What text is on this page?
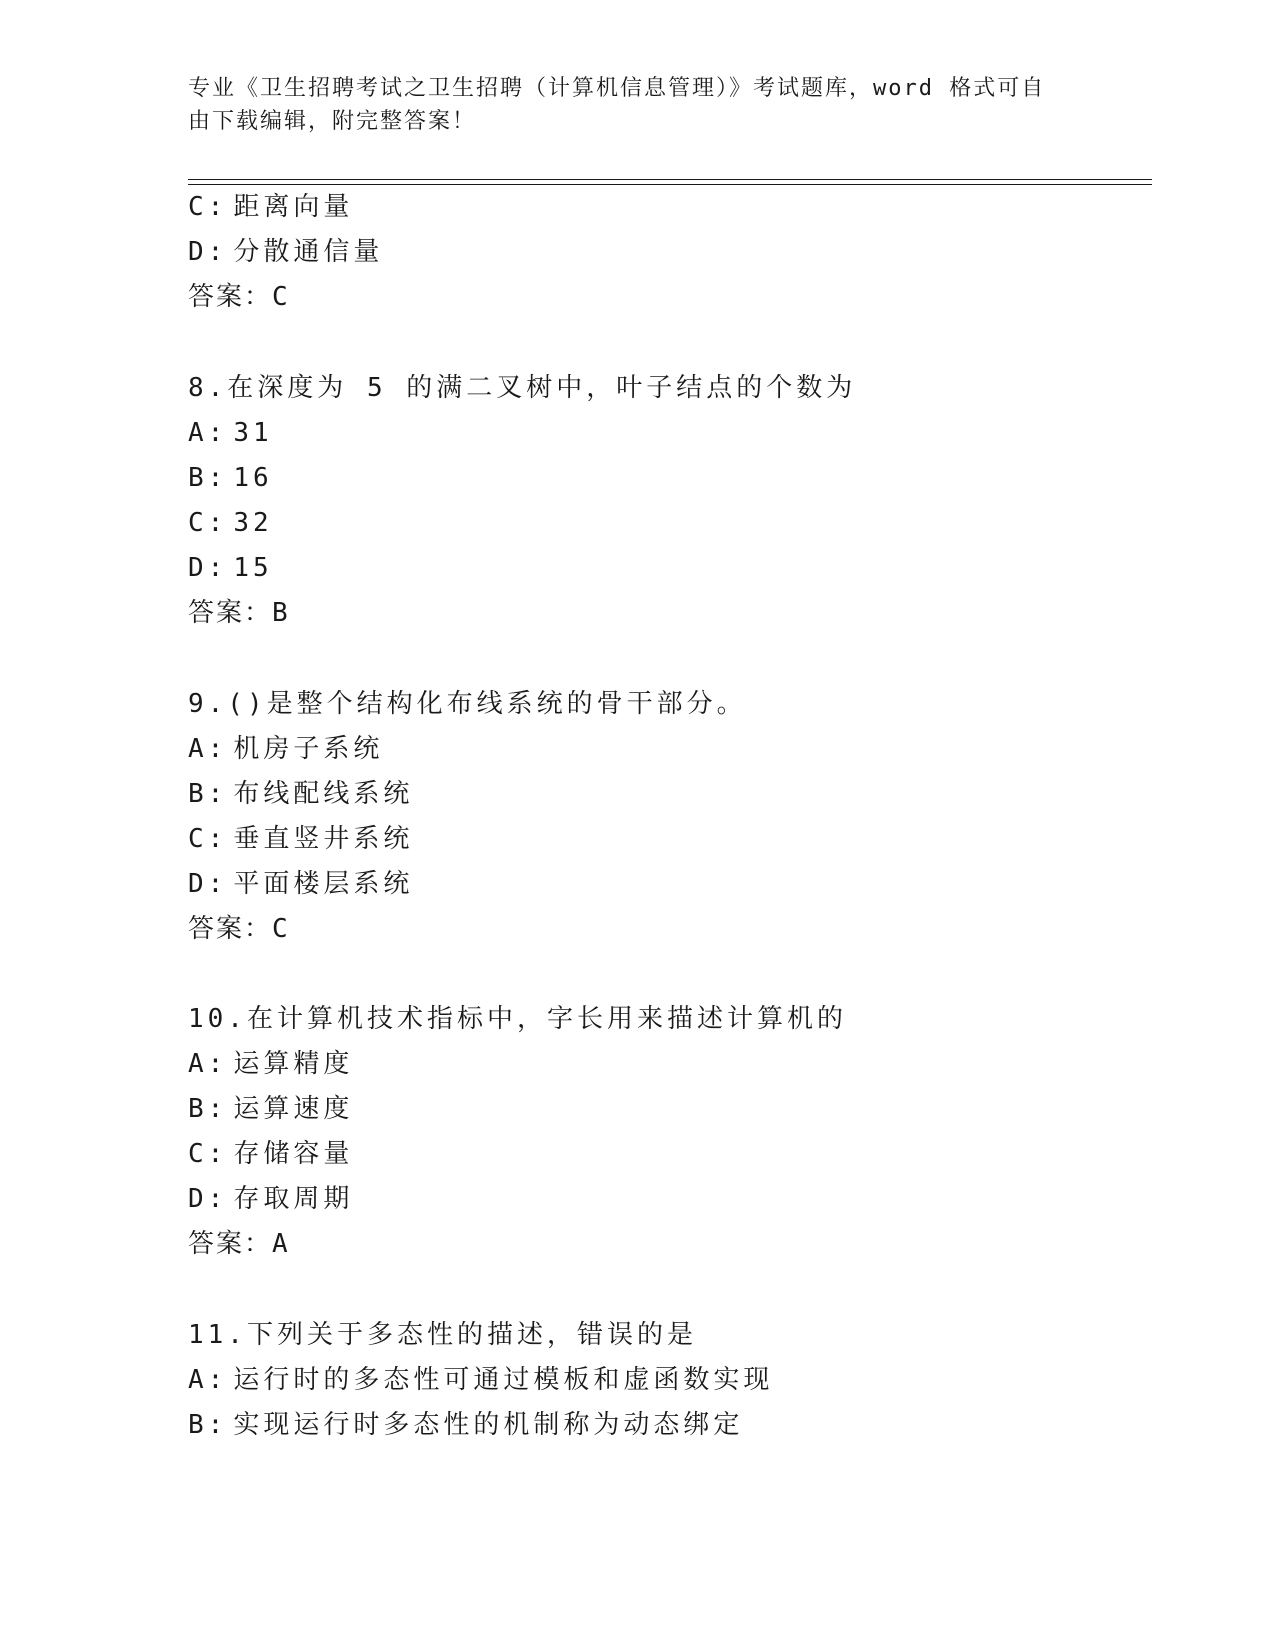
专业《卫生招聘考试之卫生招聘（计算机信息管理）》考试题库，word 格式可自
由下载编辑，附完整答案！
C: 距离向量
D: 分散通信量
答案：C
8.在深度为 5 的满二叉树中，叶子结点的个数为
A: 31
B: 16
C: 32
D: 15
答案：B
9.()是整个结构化布线系统的骨干部分。
A: 机房子系统
B: 布线配线系统
C: 垂直竖井系统
D: 平面楼层系统
答案：C
10.在计算机技术指标中，字长用来描述计算机的
A: 运算精度
B: 运算速度
C: 存储容量
D: 存取周期
答案：A
11.下列关于多态性的描述，错误的是
A: 运行时的多态性可通过模板和虚函数实现
B: 实现运行时多态性的机制称为动态绑定
